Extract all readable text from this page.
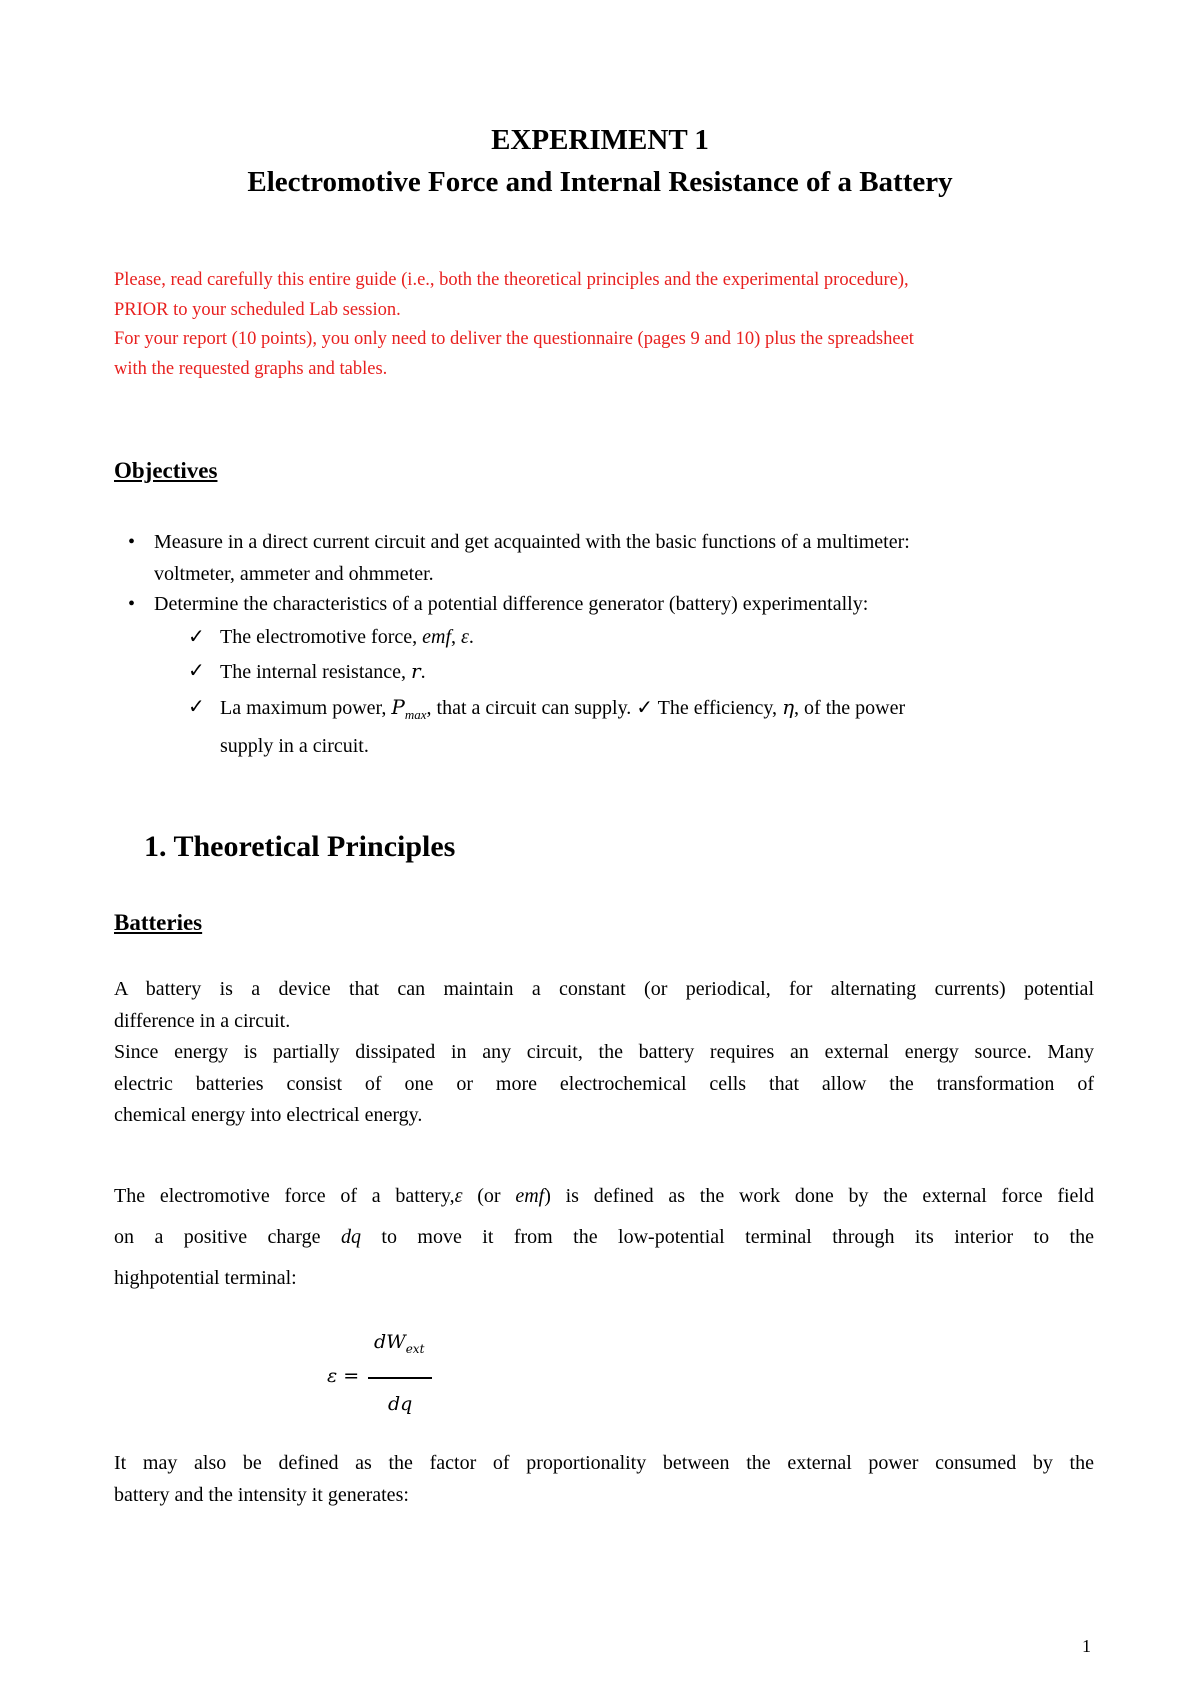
EXPERIMENT 1
Electromotive Force and Internal Resistance of a Battery

Please, read carefully this entire guide (i.e., both the theoretical principles and the experimental procedure),

PRIOR to your scheduled Lab session.

For your report (10 points), you only need to deliver the questionnaire (pages 9 and 10) plus the spreadsheet

with the requested graphs and tables.

Objectives
• Measure in a direct current circuit and get acquainted with the basic functions of a multimeter:
voltmeter, ammeter and ohmmeter.
• Determine the characteristics of a potential difference generator (battery) experimentally:
✓ The electromotive force, emf, ε.
✓ The internal resistance, r.
✓ La maximum power, $P_{max}$, that a circuit can supply. ✓ The efficiency, η, of the power
supply in a circuit.
1. Theoretical Principles
Batteries

A battery is a device that can maintain a constant (or periodical, for alternating currents) potential

difference in a circuit.

Since energy is partially dissipated in any circuit, the battery requires an external energy source. Many

electric batteries consist of one or more electrochemical cells that allow the transformation of

chemical energy into electrical energy.

The electromotive force of a battery,ε (or emf) is defined as the work done by the external force field

on a positive charge dq to move it from the low-potential terminal through its interior to the

highpotential terminal:

ε =
$dW_{ext}$
dq

It may also be defined as the factor of proportionality between the external power consumed by the

battery and the intensity it generates:

1
